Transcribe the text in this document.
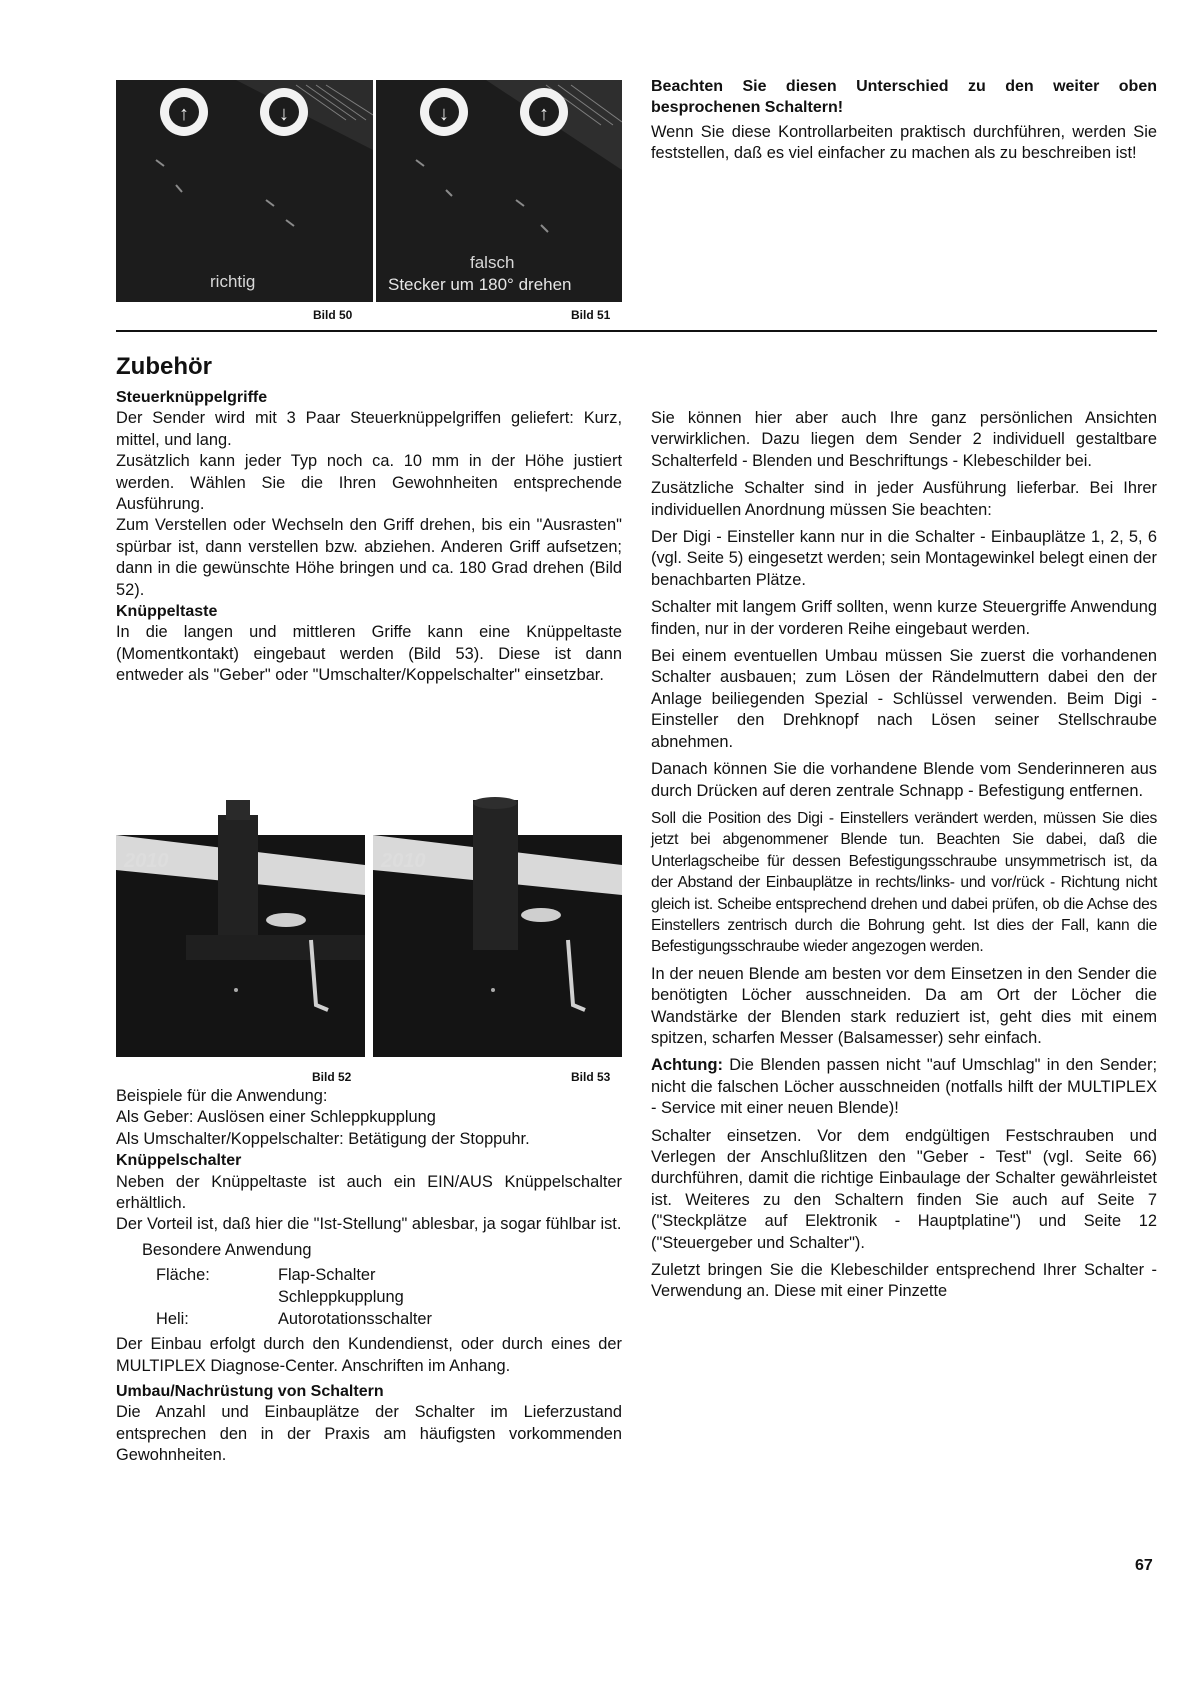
↑	↓
richtig
↓	↑
falsch
Stecker um 180° drehen
Bild 50	Bild 51

Beachten Sie diesen Unterschied zu den weiter oben besprochenen Schaltern!

Wenn Sie diese Kontrollarbeiten praktisch durchführen, werden Sie feststellen, daß es viel einfacher zu machen als zu beschreiben ist!

Zubehör

Steuerknüppelgriffe

Der Sender wird mit 3 Paar Steuerknüppelgriffen geliefert: Kurz, mittel, und lang.

Zusätzlich kann jeder Typ noch ca. 10 mm in der Höhe justiert werden. Wählen Sie die Ihren Gewohnheiten entsprechende Ausführung.

Zum Verstellen oder Wechseln den Griff drehen, bis ein "Ausrasten" spürbar ist, dann verstellen bzw. abziehen. Anderen Griff aufsetzen; dann in die gewünschte Höhe bringen und ca. 180 Grad drehen (Bild 52).

Knüppeltaste

In die langen und mittleren Griffe kann eine Knüppeltaste (Momentkontakt) eingebaut werden (Bild 53). Diese ist dann entweder als "Geber" oder "Umschalter/Koppelschalter" einsetzbar.

2010	2010
Bild 52	Bild 53

Beispiele für die Anwendung:

Als Geber: Auslösen einer Schleppkupplung

Als Umschalter/Koppelschalter: Betätigung der Stoppuhr.

Knüppelschalter

Neben der Knüppeltaste ist auch ein EIN/AUS Knüppelschalter erhältlich.

Der Vorteil ist, daß hier die "Ist-Stellung" ablesbar, ja sogar fühlbar ist.

Besondere Anwendung

Fläche:	Flap-Schalter
	Schleppkupplung
Heli:	Autorotationsschalter

Der Einbau erfolgt durch den Kundendienst, oder durch eines der MULTIPLEX Diagnose-Center. Anschriften im Anhang.

Umbau/Nachrüstung von Schaltern

Die Anzahl und Einbauplätze der Schalter im Lieferzustand entsprechen den in der Praxis am häufigsten vorkommenden Gewohnheiten.

Sie können hier aber auch Ihre ganz persönlichen Ansichten verwirklichen. Dazu liegen dem Sender 2 individuell gestaltbare Schalterfeld - Blenden und Beschriftungs - Klebeschilder bei.

Zusätzliche Schalter sind in jeder Ausführung lieferbar. Bei Ihrer individuellen Anordnung müssen Sie beachten:

Der Digi - Einsteller kann nur in die Schalter - Einbauplätze 1, 2, 5, 6 (vgl. Seite 5) eingesetzt werden; sein Montagewinkel belegt einen der benachbarten Plätze.

Schalter mit langem Griff sollten, wenn kurze Steuergriffe Anwendung finden, nur in der vorderen Reihe eingebaut werden.

Bei einem eventuellen Umbau müssen Sie zuerst die vorhandenen Schalter ausbauen; zum Lösen der Rändelmuttern dabei den der Anlage beiliegenden Spezial - Schlüssel verwenden. Beim Digi - Einsteller den Drehknopf nach Lösen seiner Stellschraube abnehmen.

Danach können Sie die vorhandene Blende vom Senderinneren aus durch Drücken auf deren zentrale Schnapp - Befestigung entfernen.

Soll die Position des Digi - Einstellers verändert werden, müssen Sie dies jetzt bei abgenommener Blende tun. Beachten Sie dabei, daß die Unterlagscheibe für dessen Befestigungsschraube unsymmetrisch ist, da der Abstand der Einbauplätze in rechts/links- und vor/rück - Richtung nicht gleich ist. Scheibe entsprechend drehen und dabei prüfen, ob die Achse des Einstellers zentrisch durch die Bohrung geht. Ist dies der Fall, kann die Befestigungsschraube wieder angezogen werden.

In der neuen Blende am besten vor dem Einsetzen in den Sender die benötigten Löcher ausschneiden. Da am Ort der Löcher die Wandstärke der Blenden stark reduziert ist, geht dies mit einem spitzen, scharfen Messer (Balsamesser) sehr einfach.

Achtung: Die Blenden passen nicht "auf Umschlag" in den Sender; nicht die falschen Löcher ausschneiden (notfalls hilft der MULTIPLEX - Service mit einer neuen Blende)!

Schalter einsetzen. Vor dem endgültigen Festschrauben und Verlegen der Anschlußlitzen den "Geber - Test" (vgl. Seite 66) durchführen, damit die richtige Einbaulage der Schalter gewährleistet ist. Weiteres zu den Schaltern finden Sie auch auf Seite 7 ("Steckplätze auf Elektronik - Hauptplatine") und Seite 12 ("Steuergeber und Schalter").

Zuletzt bringen Sie die Klebeschilder entsprechend Ihrer Schalter - Verwendung an. Diese mit einer Pinzette

67
